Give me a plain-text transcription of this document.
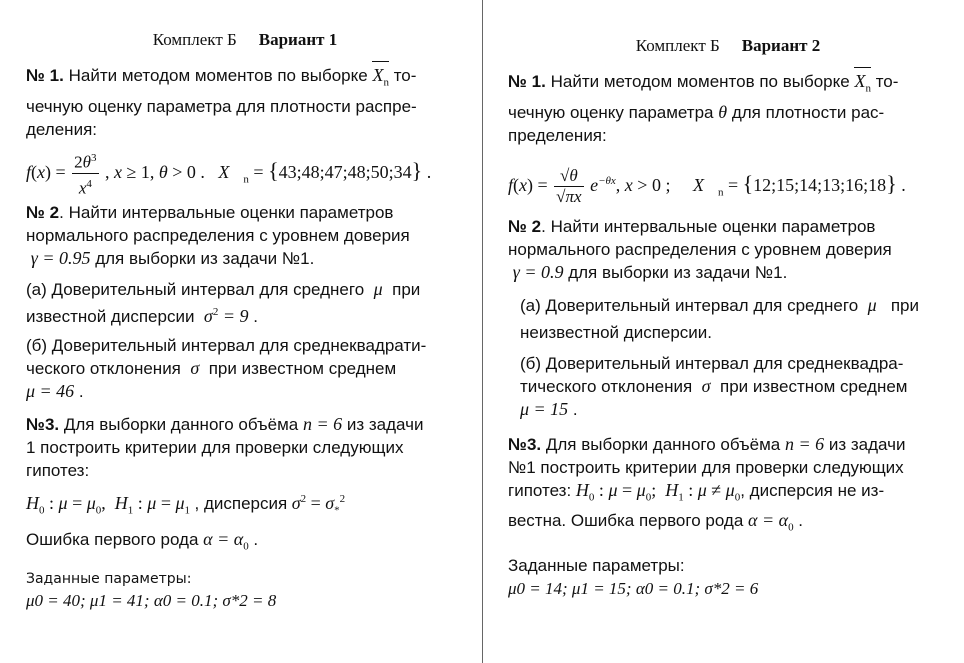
Комплект Б Вариант 1

№ 1. Найти методом моментов по выборке $X_n$ то-
чечную оценку параметра для плотности распре-
деления:

$f(x) = \frac{2\theta^3}{x^4}$ , x ≥ 1, θ > 0 .   $X⃗_n$ = {43;48;47;48;50;34} .

№ 2. Найти интервальные оценки параметров
нормального распределения с уровнем доверия
γ = 0.95 для выборки из задачи №1.

(а) Доверительный интервал для среднего μ при
известной дисперсии $\sigma^2 = 9$ .

(б) Доверительный интервал для среднеквадрати-
ческого отклонения σ при известном среднем
μ = 46 .

№3. Для выборки данного объёма n = 6 из задачи
1 построить критерии для проверки следующих
гипотез:

$H_0$ : $\mu = \mu_0$,  $H_1$ : $\mu = \mu_1$ , дисперсия $\sigma^2 = \sigma_*^2$

Ошибка первого рода $\alpha = \alpha_0$ .

Заданные параметры:

μ0 = 40; μ1 = 41; α0 = 0.1; σ*2 = 8

Комплект Б Вариант 2

№ 1. Найти методом моментов по выборке $X_n$ то-
чечную оценку параметра θ для плотности рас-
пределения:

$f(x) = \frac{√\theta}{√\pi x} e^{-\theta x}$, x > 0 ;     $X⃗_n$ = {12;15;14;13;16;18} .

№ 2. Найти интервальные оценки параметров
нормального распределения с уровнем доверия
γ = 0.9 для выборки из задачи №1.

(а) Доверительный интервал для среднего μ при
неизвестной дисперсии.

(б) Доверительный интервал для среднеквадра-
тического отклонения σ при известном среднем
μ = 15 .

№3. Для выборки данного объёма n = 6 из задачи
№1 построить критерии для проверки следующих
гипотез: $H_0$ : $\mu = \mu_0$;  $H_1$ : $\mu \ne \mu_0$, дисперсия не из-
вестна. Ошибка первого рода $\alpha = \alpha_0$ .

Заданные параметры:

μ0 = 14; μ1 = 15; α0 = 0.1; σ*2 = 6
